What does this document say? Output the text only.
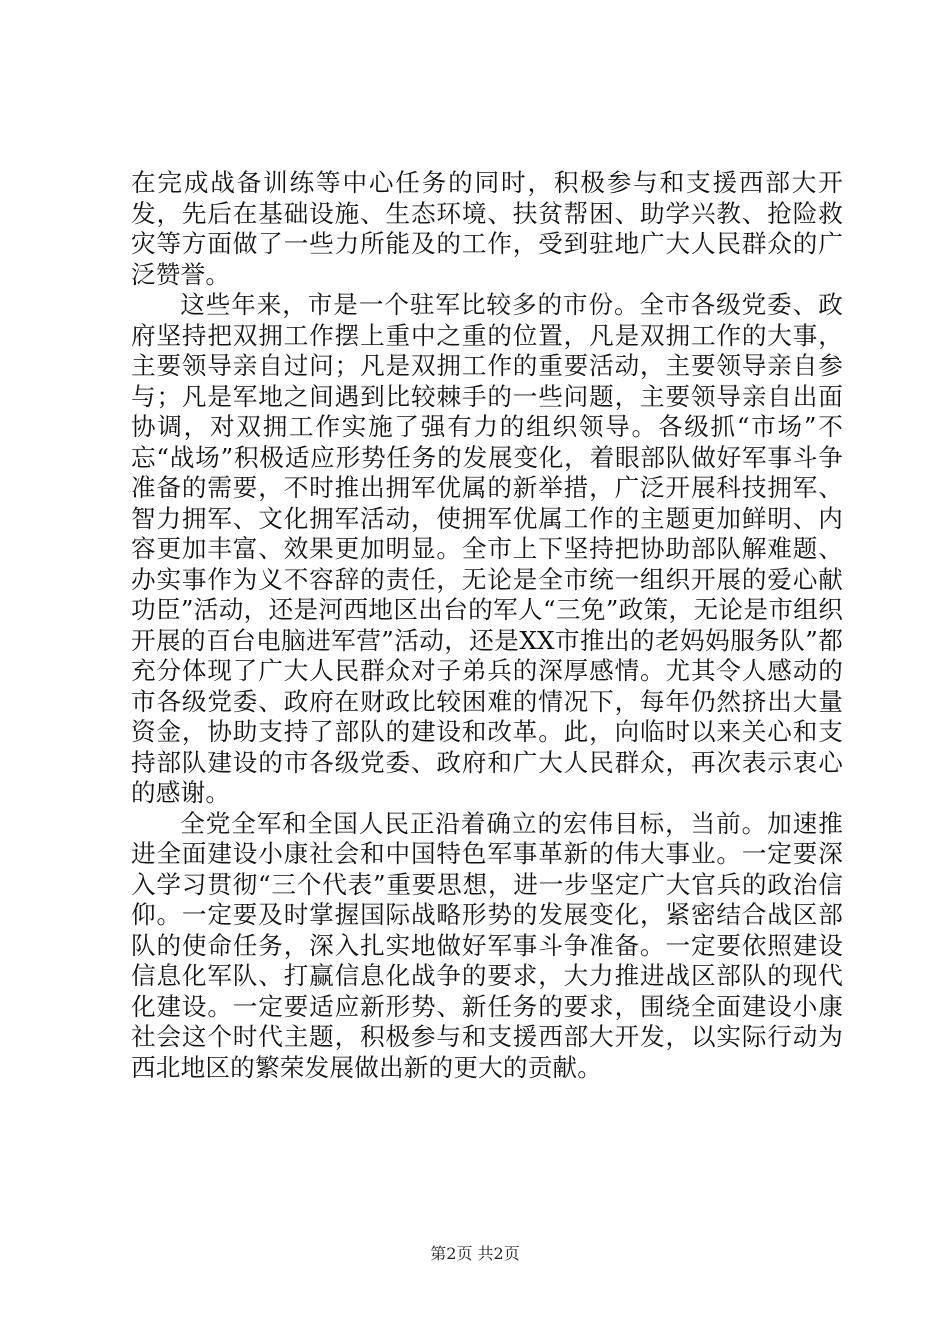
在完成战备训练等中心任务的同时，积极参与和支援西部大开发，先后在基础设施、生态环境、扶贫帮困、助学兴教、抢险救灾等方面做了一些力所能及的工作，受到驻地广大人民群众的广泛赞誉。

这些年来，市是一个驻军比较多的市份。全市各级党委、政府坚持把双拥工作摆上重中之重的位置，凡是双拥工作的大事，主要领导亲自过问；凡是双拥工作的重要活动，主要领导亲自参与；凡是军地之间遇到比较棘手的一些问题，主要领导亲自出面协调，对双拥工作实施了强有力的组织领导。各级抓“市场”不忘“战场”积极适应形势任务的发展变化，着眼部队做好军事斗争准备的需要，不时推出拥军优属的新举措，广泛开展科技拥军、智力拥军、文化拥军活动，使拥军优属工作的主题更加鲜明、内容更加丰富、效果更加明显。全市上下坚持把协助部队解难题、办实事作为义不容辞的责任，无论是全市统一组织开展的爱心献功臣”活动，还是河西地区出台的军人“三免”政策，无论是市组织开展的百台电脑进军营”活动，还是XX市推出的老妈妈服务队”都充分体现了广大人民群众对子弟兵的深厚感情。尤其令人感动的市各级党委、政府在财政比较困难的情况下，每年仍然挤出大量资金，协助支持了部队的建设和改革。此，向临时以来关心和支持部队建设的市各级党委、政府和广大人民群众，再次表示衷心的感谢。

全党全军和全国人民正沿着确立的宏伟目标，当前。加速推进全面建设小康社会和中国特色军事革新的伟大事业。一定要深入学习贯彻“三个代表”重要思想，进一步坚定广大官兵的政治信仰。一定要及时掌握国际战略形势的发展变化，紧密结合战区部队的使命任务，深入扎实地做好军事斗争准备。一定要依照建设信息化军队、打赢信息化战争的要求，大力推进战区部队的现代化建设。一定要适应新形势、新任务的要求，围绕全面建设小康社会这个时代主题，积极参与和支援西部大开发，以实际行动为西北地区的繁荣发展做出新的更大的贡献。

第2页 共2页
